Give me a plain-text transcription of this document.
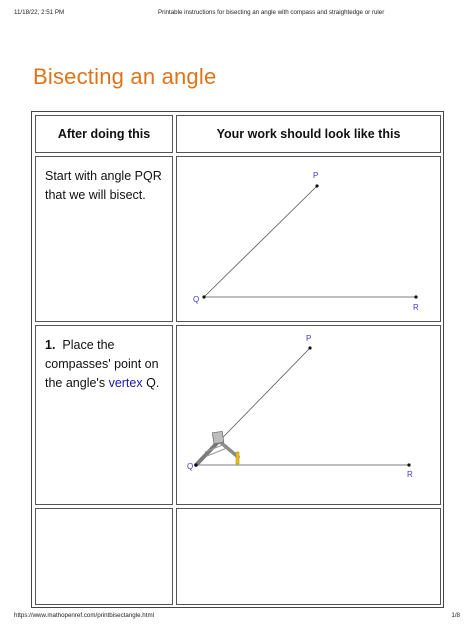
11/18/22, 2:51 PM	Printable instructions for bisecting an angle with compass and straightedge or ruler
Bisecting an angle
After doing this	Your work should look like this
Start with angle PQR that we will bisect.
P
Q
R
1. Place the compasses' point on the angle's vertex Q.
P
Q
R
https://www.mathopenref.com/printbisectangle.html	1/8
